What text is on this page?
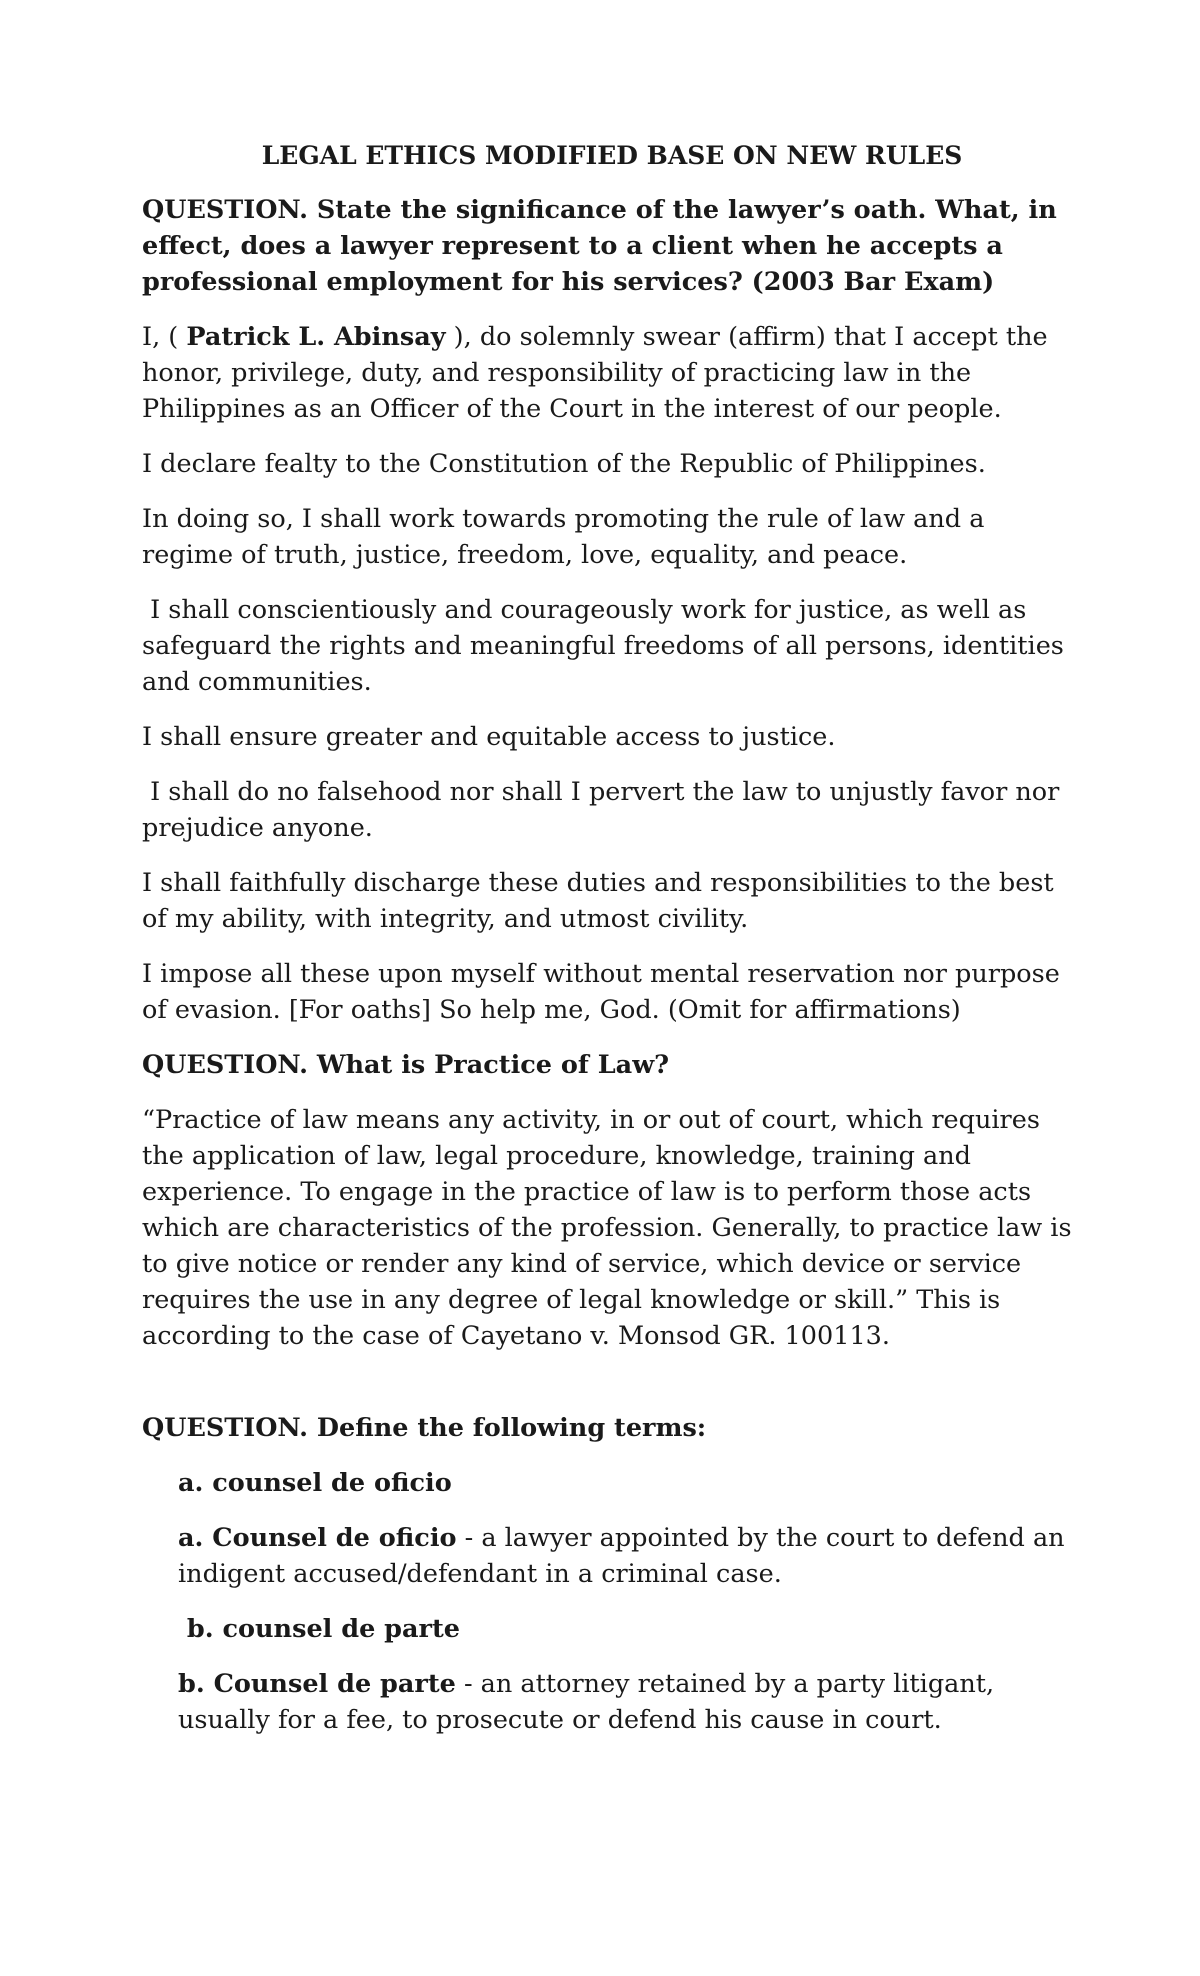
LEGAL ETHICS MODIFIED BASE ON NEW RULES

QUESTION. State the significance of the lawyer’s oath. What, in effect, does a lawyer represent to a client when he accepts a professional employment for his services? (2003 Bar Exam)

I, ( Patrick L. Abinsay ), do solemnly swear (affirm) that I accept the honor, privilege, duty, and responsibility of practicing law in the Philippines as an Officer of the Court in the interest of our people.

I declare fealty to the Constitution of the Republic of Philippines.

In doing so, I shall work towards promoting the rule of law and a regime of truth, justice, freedom, love, equality, and peace.

I shall conscientiously and courageously work for justice, as well as safeguard the rights and meaningful freedoms of all persons, identities and communities.

I shall ensure greater and equitable access to justice.

I shall do no falsehood nor shall I pervert the law to unjustly favor nor prejudice anyone.

I shall faithfully discharge these duties and responsibilities to the best of my ability, with integrity, and utmost civility.

I impose all these upon myself without mental reservation nor purpose of evasion. [For oaths] So help me, God. (Omit for affirmations)

QUESTION. What is Practice of Law?

“Practice of law means any activity, in or out of court, which requires the application of law, legal procedure, knowledge, training and experience. To engage in the practice of law is to perform those acts which are characteristics of the profession. Generally, to practice law is to give notice or render any kind of service, which device or service requires the use in any degree of legal knowledge or skill.” This is according to the case of Cayetano v. Monsod GR. 100113.

QUESTION. Define the following terms:

a. counsel de oficio

a. Counsel de oficio - a lawyer appointed by the court to defend an indigent accused/defendant in a criminal case.

b. counsel de parte

b. Counsel de parte - an attorney retained by a party litigant, usually for a fee, to prosecute or defend his cause in court.
